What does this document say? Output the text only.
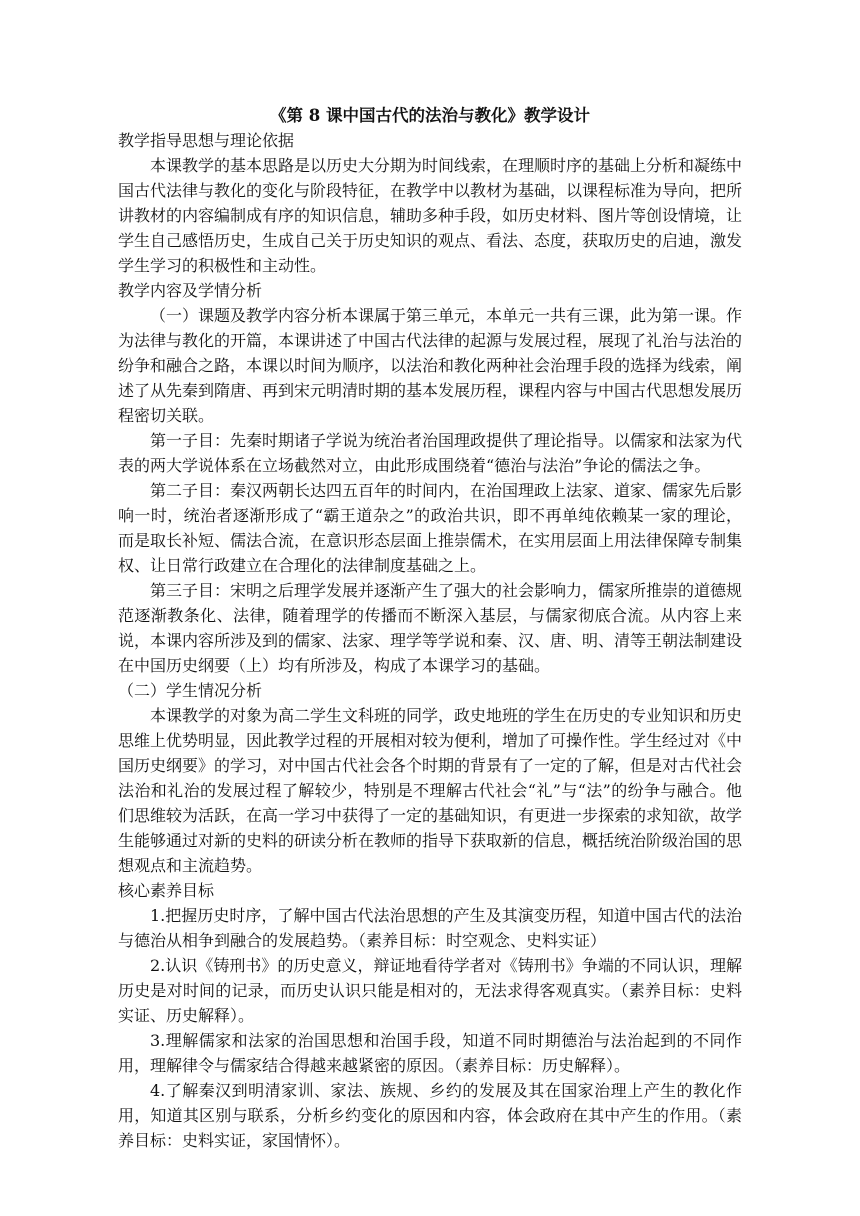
《第 8 课中国古代的法治与教化》教学设计
教学指导思想与理论依据
本课教学的基本思路是以历史大分期为时间线索，在理顺时序的基础上分析和凝练中国古代法律与教化的变化与阶段特征，在教学中以教材为基础，以课程标准为导向，把所讲教材的内容编制成有序的知识信息，辅助多种手段，如历史材料、图片等创设情境，让学生自己感悟历史，生成自己关于历史知识的观点、看法、态度，获取历史的启迪，激发学生学习的积极性和主动性。
教学内容及学情分析
（一）课题及教学内容分析本课属于第三单元，本单元一共有三课，此为第一课。作为法律与教化的开篇，本课讲述了中国古代法律的起源与发展过程，展现了礼治与法治的纷争和融合之路，本课以时间为顺序，以法治和教化两种社会治理手段的选择为线索，阐述了从先秦到隋唐、再到宋元明清时期的基本发展历程，课程内容与中国古代思想发展历程密切关联。
第一子目：先秦时期诸子学说为统治者治国理政提供了理论指导。以儒家和法家为代表的两大学说体系在立场截然对立，由此形成围绕着“德治与法治”争论的儒法之争。
第二子目：秦汉两朝长达四五百年的时间内，在治国理政上法家、道家、儒家先后影响一时，统治者逐渐形成了“霸王道杂之”的政治共识，即不再单纯依赖某一家的理论，而是取长补短、儒法合流，在意识形态层面上推崇儒术，在实用层面上用法律保障专制集权、让日常行政建立在合理化的法律制度基础之上。
第三子目：宋明之后理学发展并逐渐产生了强大的社会影响力，儒家所推崇的道德规范逐渐教条化、法律，随着理学的传播而不断深入基层，与儒家彻底合流。从内容上来说，本课内容所涉及到的儒家、法家、理学等学说和秦、汉、唐、明、清等王朝法制建设在中国历史纲要（上）均有所涉及，构成了本课学习的基础。
（二）学生情况分析
本课教学的对象为高二学生文科班的同学，政史地班的学生在历史的专业知识和历史思维上优势明显，因此教学过程的开展相对较为便利，增加了可操作性。学生经过对《中国历史纲要》的学习，对中国古代社会各个时期的背景有了一定的了解，但是对古代社会法治和礼治的发展过程了解较少，特别是不理解古代社会“礼”与“法”的纷争与融合。他们思维较为活跃，在高一学习中获得了一定的基础知识，有更进一步探索的求知欲，故学生能够通过对新的史料的研读分析在教师的指导下获取新的信息，概括统治阶级治国的思想观点和主流趋势。
核心素养目标
1.把握历史时序，了解中国古代法治思想的产生及其演变历程，知道中国古代的法治与德治从相争到融合的发展趋势。（素养目标：时空观念、史料实证）
2.认识《铸刑书》的历史意义，辩证地看待学者对《铸刑书》争端的不同认识，理解历史是对时间的记录，而历史认识只能是相对的，无法求得客观真实。（素养目标：史料实证、历史解释）。
3.理解儒家和法家的治国思想和治国手段，知道不同时期德治与法治起到的不同作用，理解律令与儒家结合得越来越紧密的原因。（素养目标：历史解释）。
4.了解秦汉到明清家训、家法、族规、乡约的发展及其在国家治理上产生的教化作用，知道其区别与联系，分析乡约变化的原因和内容，体会政府在其中产生的作用。（素养目标：史料实证，家国情怀）。
